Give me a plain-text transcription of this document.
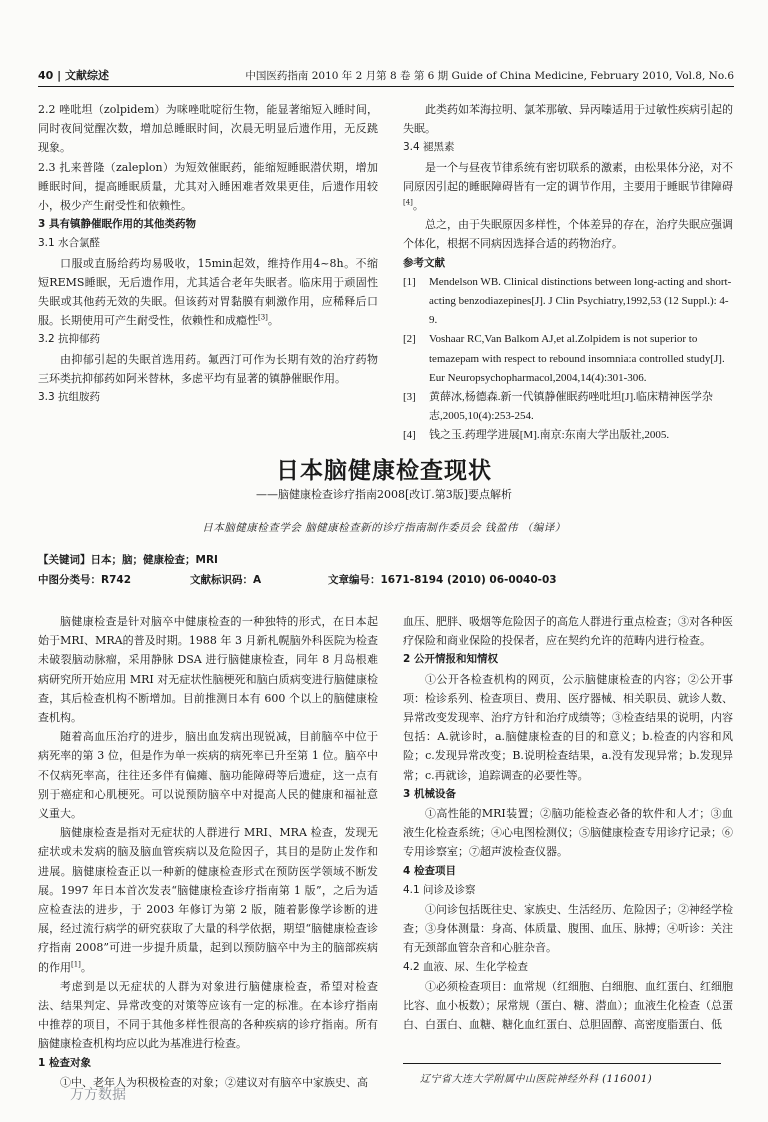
40 | 文献综述	中国医药指南 2010 年 2 月第 8 卷 第 6 期 Guide of China Medicine, February 2010, Vol.8, No.6

2.2 唑吡坦（zolpidem）为咪唑吡啶衍生物，能显著缩短入睡时间，同时夜间觉醒次数，增加总睡眠时间，次晨无明显后遗作用，无反跳现象。

2.3 扎来普隆（zaleplon）为短效催眠药，能缩短睡眠潜伏期，增加睡眠时间，提高睡眠质量，尤其对入睡困难者效果更佳，后遗作用较小，极少产生耐受性和依赖性。

3 具有镇静催眠作用的其他类药物

3.1 水合氯醛

口服或直肠给药均易吸收，15min起效，维持作用4~8h。不缩短REMS睡眠，无后遗作用，尤其适合老年失眠者。临床用于顽固性失眠或其他药无效的失眠。但该药对胃黏膜有刺激作用，应稀释后口服。长期使用可产生耐受性，依赖性和成瘾性[3]。

3.2 抗抑郁药

由抑郁引起的失眠首选用药。氟西汀可作为长期有效的治疗药物三环类抗抑郁药如阿米替林，多虑平均有显著的镇静催眠作用。

3.3 抗组胺药

此类药如苯海拉明、氯苯那敏、异丙嗪适用于过敏性疾病引起的失眠。

3.4 褪黑素

是一个与昼夜节律系统有密切联系的激素，由松果体分泌，对不同原因引起的睡眠障碍皆有一定的调节作用，主要用于睡眠节律障碍[4]。

总之，由于失眠原因多样性，个体差异的存在，治疗失眠应强调个体化，根据不同病因选择合适的药物治疗。

参考文献

[1]	Mendelson WB. Clinical distinctions between long-acting and short-acting benzodiazepines[J]. J Clin Psychiatry,1992,53 (12 Suppl.): 4-9.
[2]	Voshaar RC,Van Balkom AJ,et al.Zolpidem is not superior to temazepam with respect to rebound insomnia:a controlled study[J]. Eur Neuropsychopharmacol,2004,14(4):301-306.
[3]	黄薛冰,杨德森.新一代镇静催眠药唑吡坦[J].临床精神医学杂志,2005,10(4):253-254.
[4]	钱之玉.药理学进展[M].南京:东南大学出版社,2005.
日本脑健康检查现状
——脑健康检查诊疗指南2008[改订.第3版]要点解析
日本脑健康检查学会 脑健康检查新的诊疗指南制作委员会 钱盈伟 （编译）
【关键词】日本；脑；健康检查；MRI
中图分类号：R742	文献标识码：A	文章编号：1671-8194 (2010) 06-0040-03

脑健康检查是针对脑卒中健康检查的一种独特的形式，在日本起始于MRI、MRA的普及时期。1988 年 3 月新札幌脑外科医院为检查未破裂脑动脉瘤，采用静脉 DSA 进行脑健康检查，同年 8 月岛根难病研究所开始应用 MRI 对无症状性脑梗死和脑白质病变进行脑健康检查，其后检查机构不断增加。目前推测日本有 600 个以上的脑健康检查机构。

随着高血压治疗的进步，脑出血发病出现锐减，目前脑卒中位于病死率的第 3 位，但是作为单一疾病的病死率已升至第 1 位。脑卒中不仅病死率高，往往还多伴有偏瘫、脑功能障碍等后遗症，这一点有别于癌症和心肌梗死。可以说预防脑卒中对提高人民的健康和福祉意义重大。

脑健康检查是指对无症状的人群进行 MRI、MRA 检查，发现无症状或未发病的脑及脑血管疾病以及危险因子，其目的是防止发作和进展。脑健康检查正以一种新的健康检查形式在预防医学领域不断发展。1997 年日本首次发表“脑健康检查诊疗指南第 1 版”，之后为适应检查法的进步，于 2003 年修订为第 2 版，随着影像学诊断的进展，经过流行病学的研究获取了大量的科学依据，期望“脑健康检查诊疗指南 2008”可进一步提升质量，起到以预防脑卒中为主的脑部疾病的作用[1]。

考虑到是以无症状的人群为对象进行脑健康检查，希望对检查法、结果判定、异常改变的对策等应该有一定的标准。在本诊疗指南中推荐的项目，不同于其他多样性很高的各种疾病的诊疗指南。所有脑健康检查机构均应以此为基准进行检查。

1 检查对象

①中、老年人为积极检查的对象；②建议对有脑卒中家族史、高

血压、肥胖、吸烟等危险因子的高危人群进行重点检查；③对各种医疗保险和商业保险的投保者，应在契约允许的范畴内进行检查。

2 公开情报和知情权

①公开各检查机构的网页，公示脑健康检查的内容；②公开事项：检诊系列、检查项目、费用、医疗器械、相关职员、就诊人数、异常改变发现率、治疗方针和治疗成绩等；③检查结果的说明，内容包括：A.就诊时，a.脑健康检查的目的和意义；b.检查的内容和风险；c.发现异常改变；B.说明检查结果，a.没有发现异常；b.发现异常；c.再就诊，追踪调查的必要性等。

3 机械设备

①高性能的MRI装置；②脑功能检查必备的软件和人才；③血液生化检查系统；④心电图检测仪；⑤脑健康检查专用诊疗记录；⑥专用诊察室；⑦超声波检查仪器。

4 检查项目

4.1 问诊及诊察

①问诊包括既往史、家族史、生活经历、危险因子；②神经学检查；③身体测量：身高、体质量、腹围、血压、脉搏；④听诊：关注有无颈部血管杂音和心脏杂音。

4.2 血液、尿、生化学检查

①必须检查项目：血常规（红细胞、白细胞、血红蛋白、红细胞比容、血小板数）；尿常规（蛋白、糖、潜血）；血液生化检查（总蛋白、白蛋白、血糖、糖化血红蛋白、总胆固醇、高密度脂蛋白、低

辽宁省大连大学附属中山医院神经外科 (116001)
万方数据
